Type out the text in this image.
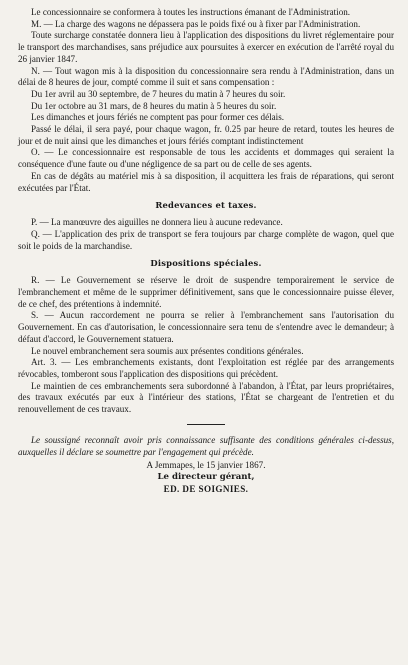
Le concessionnaire se conformera à toutes les instructions émanant de l'Administration.

M. — La charge des wagons ne dépassera pas le poids fixé ou à fixer par l'Administration.

Toute surcharge constatée donnera lieu à l'application des dispositions du livret réglementaire pour le transport des marchandises, sans préjudice aux poursuites à exercer en exécution de l'arrêté royal du 26 janvier 1847.

N. — Tout wagon mis à la disposition du concessionnaire sera rendu à l'Administration, dans un délai de 8 heures de jour, compté comme il suit et sans compensation :

Du 1er avril au 30 septembre, de 7 heures du matin à 7 heures du soir.

Du 1er octobre au 31 mars, de 8 heures du matin à 5 heures du soir.

Les dimanches et jours fériés ne comptent pas pour former ces délais.

Passé le délai, il sera payé, pour chaque wagon, fr. 0.25 par heure de retard, toutes les heures de jour et de nuit ainsi que les dimanches et jours fériés comptant indistinctement

O. — Le concessionnaire est responsable de tous les accidents et dommages qui seraient la conséquence d'une faute ou d'une négligence de sa part ou de celle de ses agents.

En cas de dégâts au matériel mis à sa disposition, il acquittera les frais de réparations, qui seront exécutées par l'État.

Redevances et taxes.

P. — La manœuvre des aiguilles ne donnera lieu à aucune redevance.

Q. — L'application des prix de transport se fera toujours par charge complète de wagon, quel que soit le poids de la marchandise.

Dispositions spéciales.

R. — Le Gouvernement se réserve le droit de suspendre temporairement le service de l'embranchement et même de le supprimer définitivement, sans que le concessionnaire puisse élever, de ce chef, des prétentions à indemnité.

S. — Aucun raccordement ne pourra se relier à l'embranchement sans l'autorisation du Gouvernement. En cas d'autorisation, le concessionnaire sera tenu de s'entendre avec le demandeur; à défaut d'accord, le Gouvernement statuera.

Le nouvel embranchement sera soumis aux présentes conditions générales.

Art. 3. — Les embranchements existants, dont l'exploitation est réglée par des arrangements révocables, tomberont sous l'application des dispositions qui précèdent.

Le maintien de ces embranchements sera subordonné à l'abandon, à l'État, par leurs propriétaires, des travaux exécutés par eux à l'intérieur des stations, l'État se chargeant de l'entretien et du renouvellement de ces travaux.

Le soussigné reconnaît avoir pris connaissance suffisante des conditions générales ci-dessus, auxquelles il déclare se soumettre par l'engagement qui précède.

A Jemmapes, le 15 janvier 1867.

Le directeur gérant,

ED. DE SOIGNIES.
